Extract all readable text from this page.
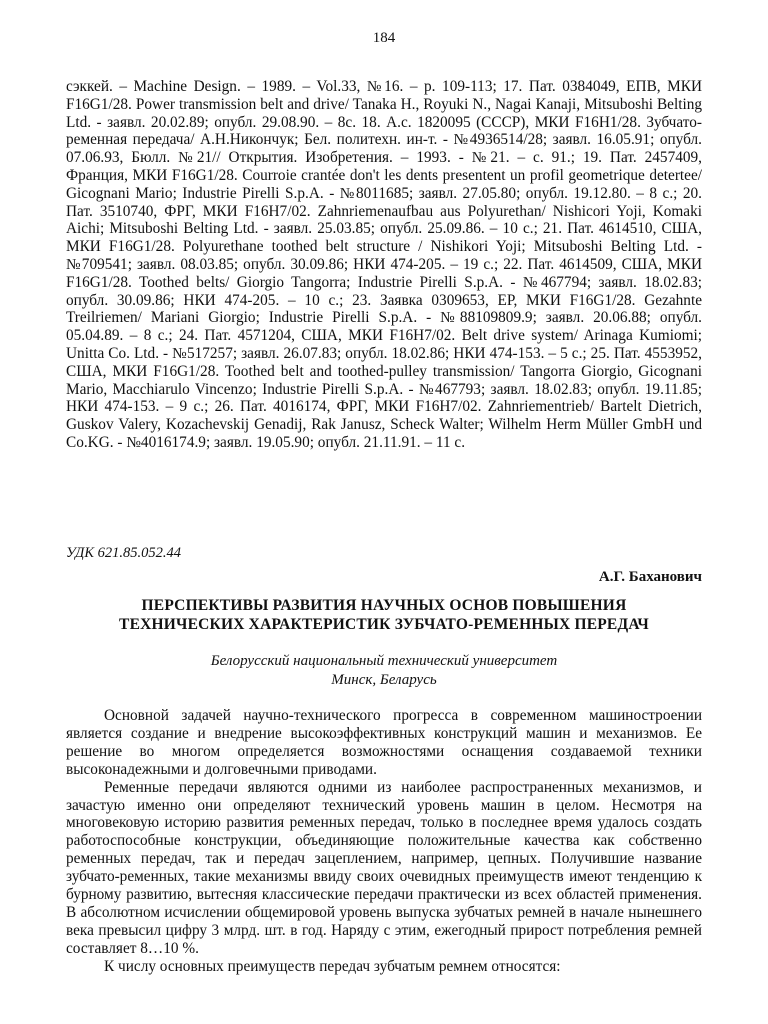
184
сэккей. – Machine Design. – 1989. – Vol.33, №16. – p. 109-113; 17. Пат. 0384049, ЕПВ, МКИ F16G1/28. Power transmission belt and drive/ Tanaka H., Royuki N., Nagai Kanaji, Mitsuboshi Belting Ltd. - заявл. 20.02.89; опубл. 29.08.90. – 8с. 18. А.с. 1820095 (СССР), МКИ F16H1/28. Зубчато-ременная передача/ А.Н.Никончук; Бел. политехн. ин-т. - №4936514/28; заявл. 16.05.91; опубл. 07.06.93, Бюлл. №21// Открытия. Изобретения. – 1993. - №21. – с. 91.; 19. Пат. 2457409, Франция, МКИ F16G1/28. Courroie crantée don't les dents presentent un profil geometrique detertee/ Gicognani Mario; Industrie Pirelli S.p.A. - №8011685; заявл. 27.05.80; опубл. 19.12.80. – 8 с.; 20. Пат. 3510740, ФРГ, МКИ F16H7/02. Zahnriemenaufbau aus Polyurethan/ Nishicori Yoji, Komaki Aichi; Mitsuboshi Belting Ltd. - заявл. 25.03.85; опубл. 25.09.86. – 10 с.; 21. Пат. 4614510, США, МКИ F16G1/28. Polyurethane toothed belt structure / Nishikori Yoji; Mitsuboshi Belting Ltd. - №709541; заявл. 08.03.85; опубл. 30.09.86; НКИ 474-205. – 19 с.; 22. Пат. 4614509, США, МКИ F16G1/28. Toothed belts/ Giorgio Tangorra; Industrie Pirelli S.p.A. - №467794; заявл. 18.02.83; опубл. 30.09.86; НКИ 474-205. – 10 с.; 23. Заявка 0309653, ЕР, МКИ F16G1/28. Gezahnte Treilriemen/ Mariani Giorgio; Industrie Pirelli S.p.A. - №88109809.9; заявл. 20.06.88; опубл. 05.04.89. – 8 с.; 24. Пат. 4571204, США, МКИ F16H7/02. Belt drive system/ Arinaga Kumiomi; Unitta Co. Ltd. - №517257; заявл. 26.07.83; опубл. 18.02.86; НКИ 474-153. – 5 с.; 25. Пат. 4553952, США, МКИ F16G1/28. Toothed belt and toothed-pulley transmission/ Tangorra Giorgio, Gicognani Mario, Macchiarulo Vincenzo; Industrie Pirelli S.p.A. - №467793; заявл. 18.02.83; опубл. 19.11.85; НКИ 474-153. – 9 с.; 26. Пат. 4016174, ФРГ, МКИ F16H7/02. Zahnriementrieb/ Bartelt Dietrich, Guskov Valery, Kozachevskij Genadij, Rak Janusz, Scheck Walter; Wilhelm Herm Müller GmbH und Co.KG. - №4016174.9; заявл. 19.05.90; опубл. 21.11.91. – 11 с.
УДК 621.85.052.44
А.Г. Баханович
ПЕРСПЕКТИВЫ РАЗВИТИЯ НАУЧНЫХ ОСНОВ ПОВЫШЕНИЯ
ТЕХНИЧЕСКИХ ХАРАКТЕРИСТИК ЗУБЧАТО-РЕМЕННЫХ ПЕРЕДАЧ
Белорусский национальный технический университет
Минск, Беларусь

Основной задачей научно-технического прогресса в современном машиностроении является создание и внедрение высокоэффективных конструкций машин и механизмов. Ее решение во многом определяется возможностями оснащения создаваемой техники высоконадежными и долговечными приводами.

Ременные передачи являются одними из наиболее распространенных механизмов, и зачастую именно они определяют технический уровень машин в целом. Несмотря на многовековую историю развития ременных передач, только в последнее время удалось создать работоспособные конструкции, объединяющие положительные качества как собственно ременных передач, так и передач зацеплением, например, цепных. Получившие название зубчато-ременных, такие механизмы ввиду своих очевидных преимуществ имеют тенденцию к бурному развитию, вытесняя классические передачи практически из всех областей применения. В абсолютном исчислении общемировой уровень выпуска зубчатых ремней в начале нынешнего века превысил цифру 3 млрд. шт. в год. Наряду с этим, ежегодный прирост потребления ремней составляет 8…10 %.

К числу основных преимуществ передач зубчатым ремнем относятся:
